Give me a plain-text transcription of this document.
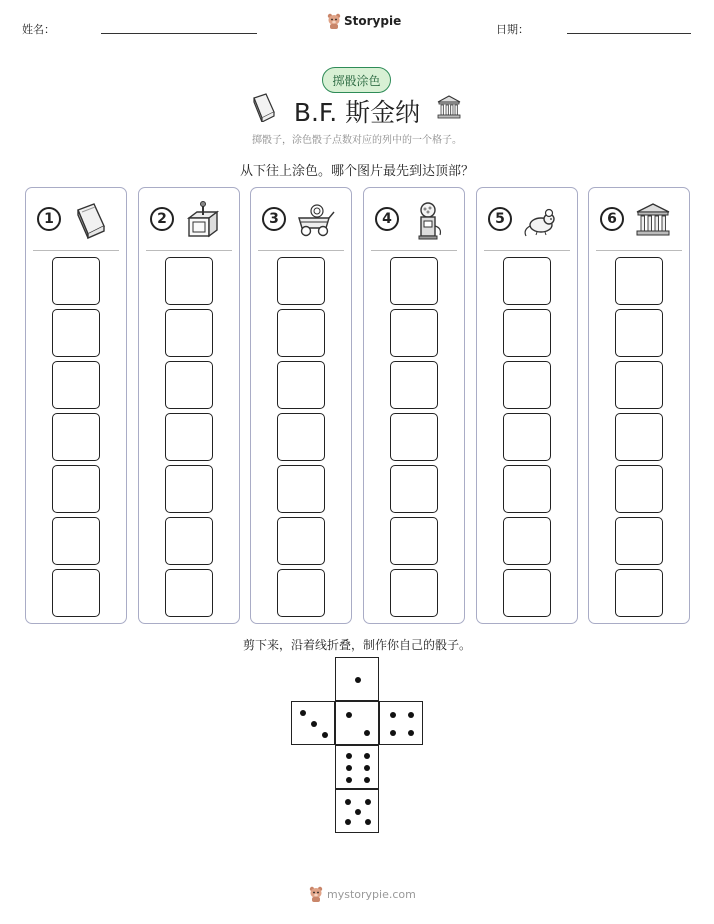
姓名：
Storypie
日期：
掷骰涂色
B.F. 斯金纳
掷骰子，涂色骰子点数对应的列中的一个格子。
从下往上涂色。哪个图片最先到达顶部？
1	2	3	4	5	6
剪下来，沿着线折叠，制作你自己的骰子。
mystorypie.com
